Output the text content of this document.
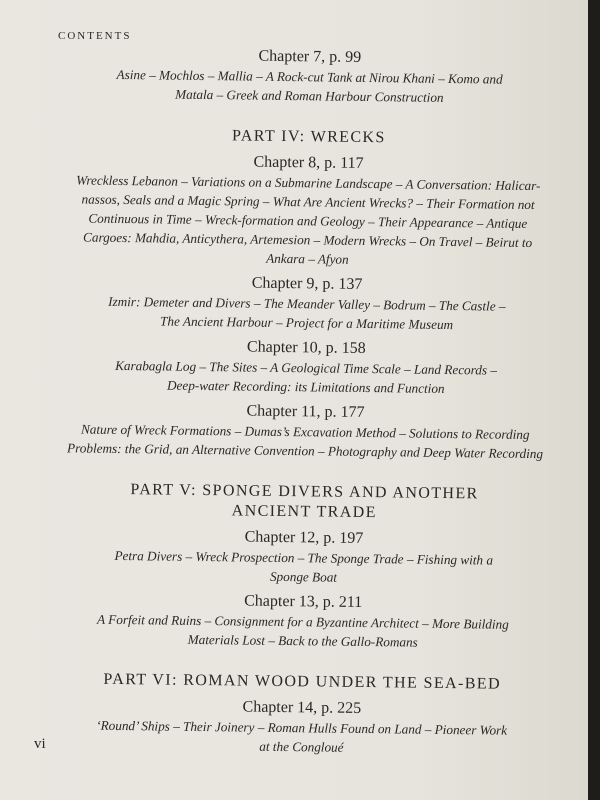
CONTENTS

Chapter 7, p. 99

Asine – Mochlos – Mallia – A Rock-cut Tank at Nirou Khani – Komo and
Matala – Greek and Roman Harbour Construction

PART IV: WRECKS

Chapter 8, p. 117

Wreckless Lebanon – Variations on a Submarine Landscape – A Conversation: Halicar-
nassos, Seals and a Magic Spring – What Are Ancient Wrecks? – Their Formation not
Continuous in Time – Wreck-formation and Geology – Their Appearance – Antique
Cargoes: Mahdia, Anticythera, Artemesion – Modern Wrecks – On Travel – Beirut to
Ankara – Afyon

Chapter 9, p. 137

Izmir: Demeter and Divers – The Meander Valley – Bodrum – The Castle –
The Ancient Harbour – Project for a Maritime Museum

Chapter 10, p. 158

Karabagla Log – The Sites – A Geological Time Scale – Land Records –
Deep-water Recording: its Limitations and Function

Chapter 11, p. 177

Nature of Wreck Formations – Dumas’s Excavation Method – Solutions to Recording
Problems: the Grid, an Alternative Convention – Photography and Deep Water Recording

PART V: SPONGE DIVERS AND ANOTHER

ANCIENT TRADE

Chapter 12, p. 197

Petra Divers – Wreck Prospection – The Sponge Trade – Fishing with a
Sponge Boat

Chapter 13, p. 211

A Forfeit and Ruins – Consignment for a Byzantine Architect – More Building
Materials Lost – Back to the Gallo-Romans

PART VI: ROMAN WOOD UNDER THE SEA-BED

Chapter 14, p. 225

‘Round’ Ships – Their Joinery – Roman Hulls Found on Land – Pioneer Work
at the Congloué

vi
